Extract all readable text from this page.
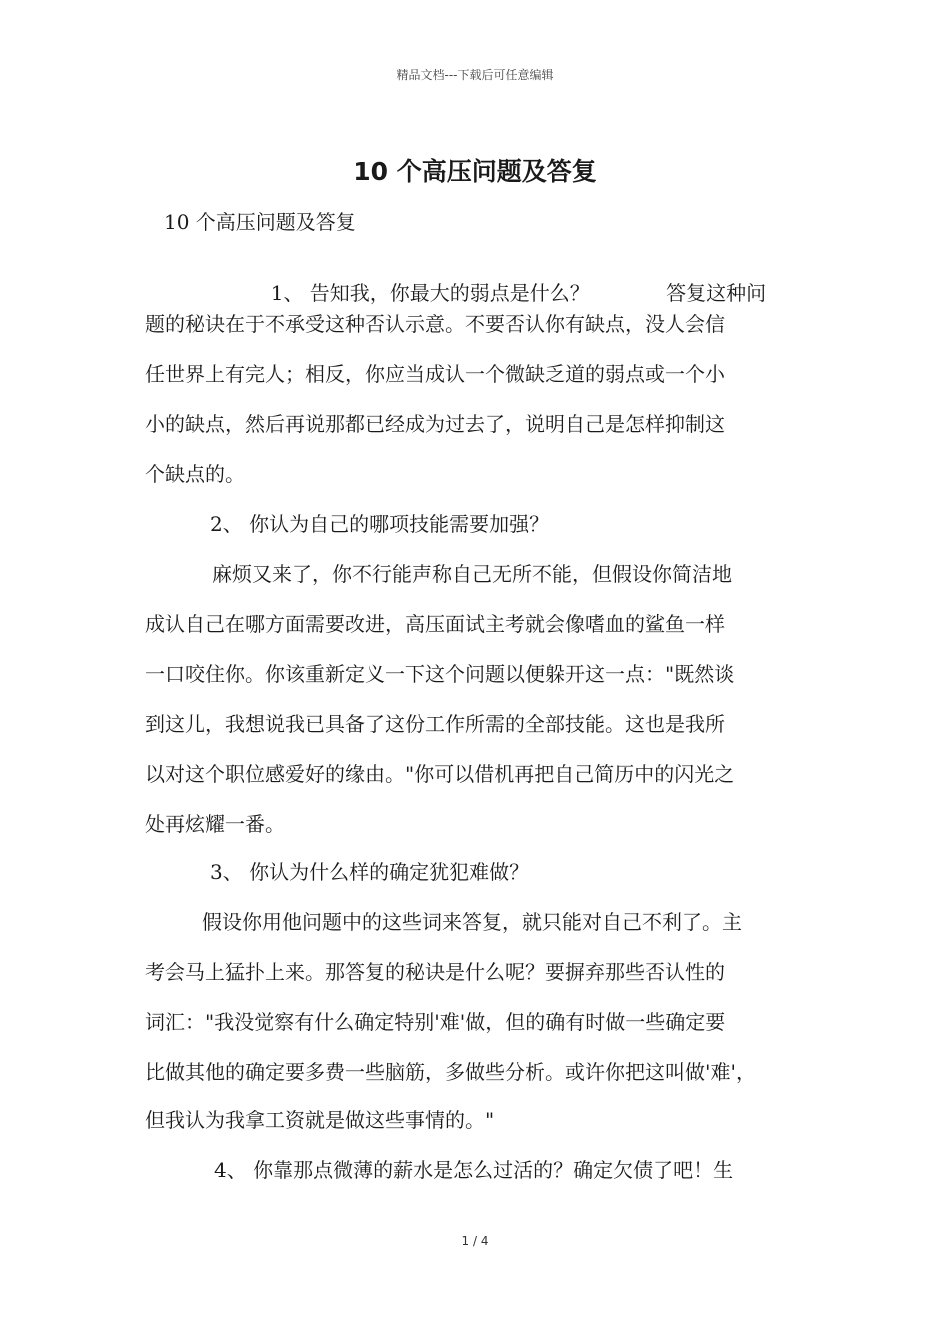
精品文档---下载后可任意编辑
10 个高压问题及答复
10 个高压问题及答复

1、 告知我，你最大的弱点是什么？            答复这种问

题的秘诀在于不承受这种否认示意。不要否认你有缺点，没人会信
任世界上有完人；相反，你应当成认一个微缺乏道的弱点或一个小
小的缺点，然后再说那都已经成为过去了，说明自己是怎样抑制这
个缺点的。
2、 你认为自己的哪项技能需要加强？
麻烦又来了，你不行能声称自己无所不能，但假设你简洁地
成认自己在哪方面需要改进，高压面试主考就会像嗜血的鲨鱼一样
一口咬住你。你该重新定义一下这个问题以便躲开这一点："既然谈
到这儿，我想说我已具备了这份工作所需的全部技能。这也是我所
以对这个职位感爱好的缘由。"你可以借机再把自己简历中的闪光之
处再炫耀一番。
3、 你认为什么样的确定犹犯难做？
假设你用他问题中的这些词来答复，就只能对自己不利了。主
考会马上猛扑上来。那答复的秘诀是什么呢？要摒弃那些否认性的
词汇："我没觉察有什么确定特别'难'做，但的确有时做一些确定要
比做其他的确定要多费一些脑筋，多做些分析。或许你把这叫做'难'，
但我认为我拿工资就是做这些事情的。"
4、 你靠那点微薄的薪水是怎么过活的？确定欠债了吧！生
1 / 4
